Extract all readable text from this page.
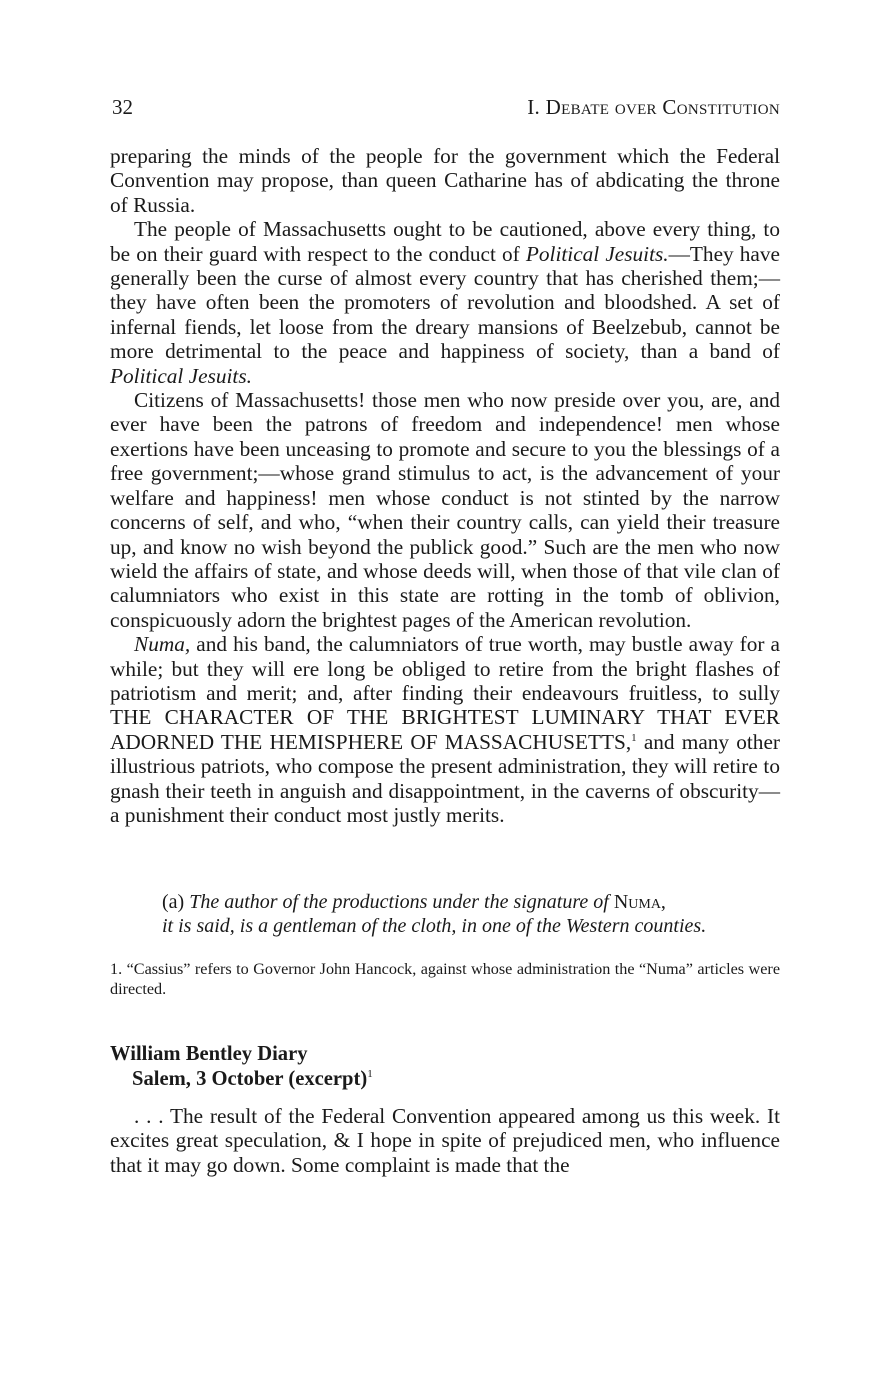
32	I. Debate over Constitution

preparing the minds of the people for the government which the Federal Convention may propose, than queen Catharine has of abdicating the throne of Russia.

The people of Massachusetts ought to be cautioned, above every thing, to be on their guard with respect to the conduct of Political Jesuits.—They have generally been the curse of almost every country that has cherished them;—they have often been the promoters of revolution and bloodshed. A set of infernal fiends, let loose from the dreary mansions of Beelzebub, cannot be more detrimental to the peace and happiness of society, than a band of Political Jesuits.

Citizens of Massachusetts! those men who now preside over you, are, and ever have been the patrons of freedom and independence! men whose exertions have been unceasing to promote and secure to you the blessings of a free government;—whose grand stimulus to act, is the advancement of your welfare and happiness! men whose conduct is not stinted by the narrow concerns of self, and who, “when their country calls, can yield their treasure up, and know no wish beyond the publick good.” Such are the men who now wield the affairs of state, and whose deeds will, when those of that vile clan of calumniators who exist in this state are rotting in the tomb of oblivion, conspicuously adorn the brightest pages of the American revolution.

Numa, and his band, the calumniators of true worth, may bustle away for a while; but they will ere long be obliged to retire from the bright flashes of patriotism and merit; and, after finding their endeavours fruitless, to sully THE CHARACTER OF THE BRIGHTEST LUMINARY THAT EVER ADORNED THE HEMISPHERE OF MASSACHUSETTS,$^1$ and many other illustrious patriots, who compose the present administration, they will retire to gnash their teeth in anguish and disappointment, in the caverns of obscurity—a punishment their conduct most justly merits.

(a) The author of the productions under the signature of Numa,
it is said, is a gentleman of the cloth, in one of the Western counties.
1. “Cassius” refers to Governor John Hancock, against whose administration the “Numa” articles were directed.
William Bentley Diary
Salem, 3 October (excerpt)$^1$

. . . The result of the Federal Convention appeared among us this week. It excites great speculation, & I hope in spite of prejudiced men, who influence that it may go down. Some complaint is made that the
